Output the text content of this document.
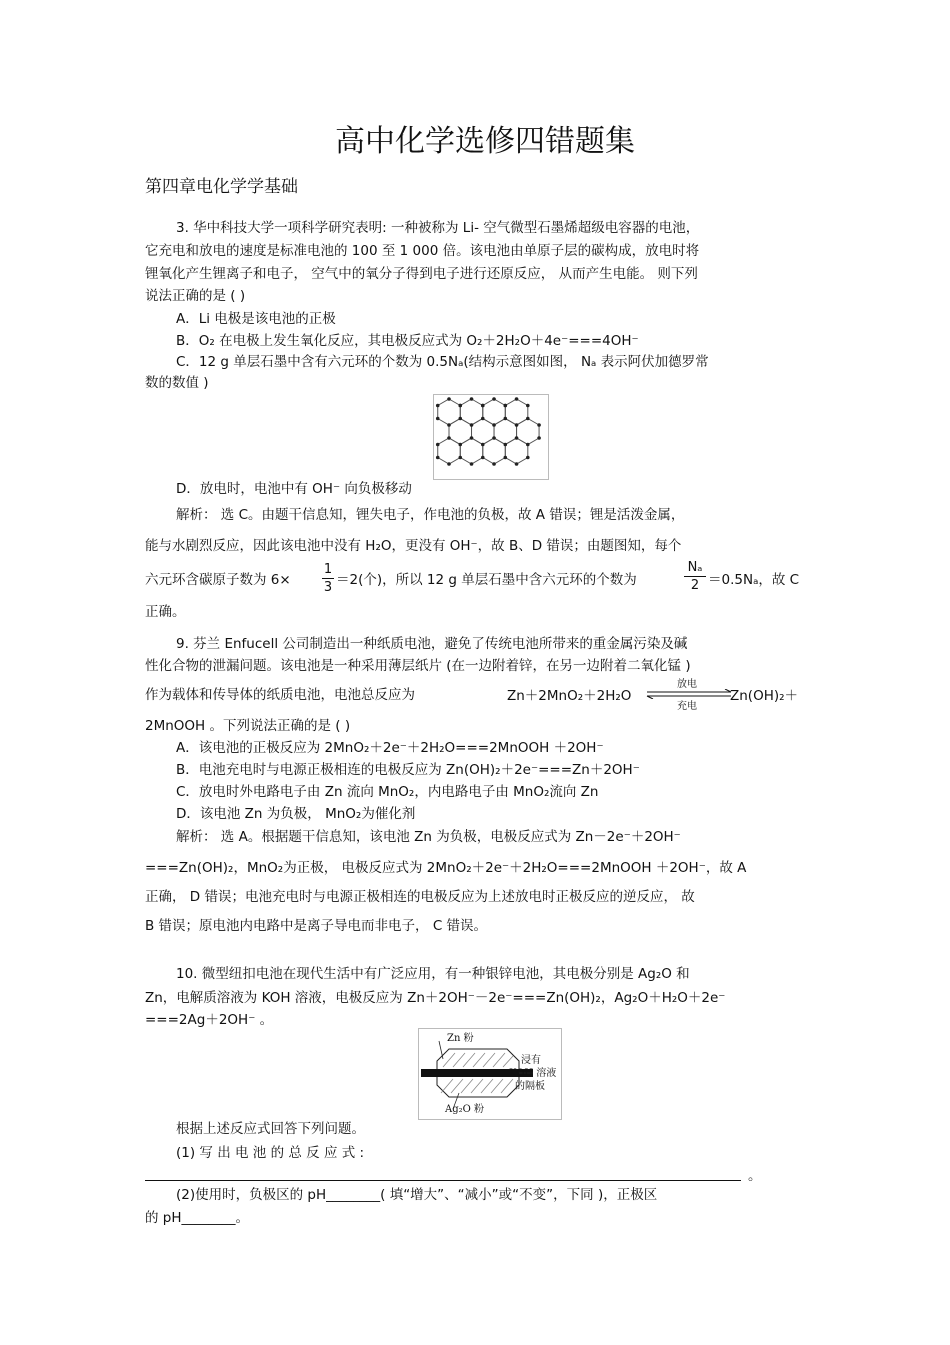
高中化学选修四错题集
第四章电化学学基础
3. 华中科技大学一项科学研究表明: 一种被称为 Li- 空气微型石墨烯超级电容器的电池，
它充电和放电的速度是标准电池的 100 至 1 000 倍。该电池由单原子层的碳构成，放电时将
锂氧化产生锂离子和电子， 空气中的氧分子得到电子进行还原反应， 从而产生电能。 则下列
说法正确的是 ( )
A．Li 电极是该电池的正极
B．O₂ 在电极上发生氧化反应，其电极反应式为 O₂＋2H₂O＋4e⁻===4OH⁻
C．12 g 单层石墨中含有六元环的个数为 0.5Nₐ(结构示意图如图， Nₐ 表示阿伏加德罗常
数的数值 )
D．放电时，电池中有 OH⁻ 向负极移动
解析： 选 C。由题干信息知，锂失电子，作电池的负极，故 A 错误；锂是活泼金属，
能与水剧烈反应，因此该电池中没有 H₂O，更没有 OH⁻，故 B、D 错误；由题图知，每个
六元环含碳原子数为 6×
1
3 ＝2(个)，所以 12 g 单层石墨中含六元环的个数为
Nₐ
2 ＝0.5Nₐ，故 C
正确。
9. 芬兰 Enfucell 公司制造出一种纸质电池，避免了传统电池所带来的重金属污染及碱
性化合物的泄漏问题。该电池是一种采用薄层纸片 (在一边附着锌，在另一边附着二氧化锰 )
作为载体和传导体的纸质电池，电池总反应为	Zn＋2MnO₂＋2H₂O
放电
充电
Zn(OH)₂＋
2MnOOH 。下列说法正确的是 ( )
A．该电池的正极反应为 2MnO₂＋2e⁻＋2H₂O===2MnOOH ＋2OH⁻
B．电池充电时与电源正极相连的电极反应为 Zn(OH)₂＋2e⁻===Zn＋2OH⁻
C．放电时外电路电子由 Zn 流向 MnO₂，内电路电子由 MnO₂流向 Zn
D．该电池 Zn 为负极， MnO₂为催化剂
解析： 选 A。根据题干信息知，该电池 Zn 为负极，电极反应式为 Zn－2e⁻＋2OH⁻
===Zn(OH)₂，MnO₂为正极， 电极反应式为 2MnO₂＋2e⁻＋2H₂O===2MnOOH ＋2OH⁻，故 A
正确， D 错误；电池充电时与电源正极相连的电极反应为上述放电时正极反应的逆反应， 故
B 错误；原电池内电路中是离子导电而非电子， C 错误。
10. 微型纽扣电池在现代生活中有广泛应用，有一种银锌电池，其电极分别是 Ag₂O 和
Zn，电解质溶液为 KOH 溶液，电极反应为 Zn＋2OH⁻－2e⁻===Zn(OH)₂，Ag₂O＋H₂O＋2e⁻
===2Ag＋2OH⁻ 。
Zn 粉
浸有
KOH 溶液
的隔板
Ag₂O 粉
根据上述反应式回答下列问题。
(1) 写 出 电 池 的 总 反 应 式 :
。
(2)使用时，负极区的 pH________( 填“增大”、“减小”或“不变”，下同 )，正极区
的 pH________。
